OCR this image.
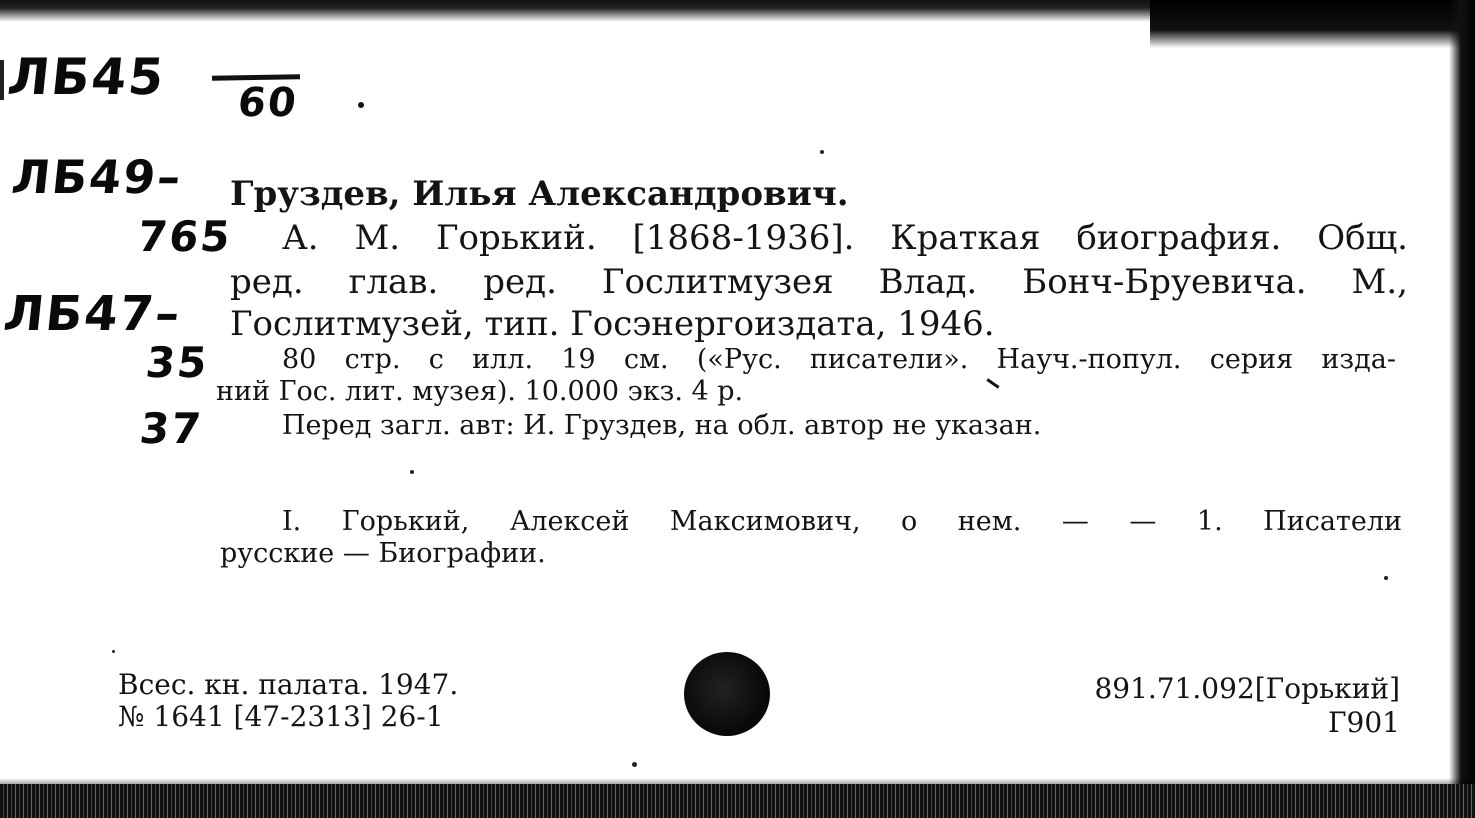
ЛБ45 60
ЛБ49–
765
ЛБ47–
35
37
Груздев, Илья Александрович.
А. М. Горький. [1868-1936]. Краткая биография. Общ.
ред. глав. ред. Гослитмузея Влад. Бонч-Бруевича. М.,
Гослитмузей, тип. Госэнергоиздата, 1946.
80 стр. с илл. 19 см. («Рус. писатели». Науч.-попул. серия изда-
ний Гос. лит. музея). 10.000 экз. 4 р.
Перед загл. авт: И. Груздев, на обл. автор не указан.
I. Горький, Алексей Максимович, о нем. — — 1. Писатели
русские — Биографии.
Всес. кн. палата. 1947.
№ 1641 [47-2313] 26-1
891.71.092[Горький]
Г901
